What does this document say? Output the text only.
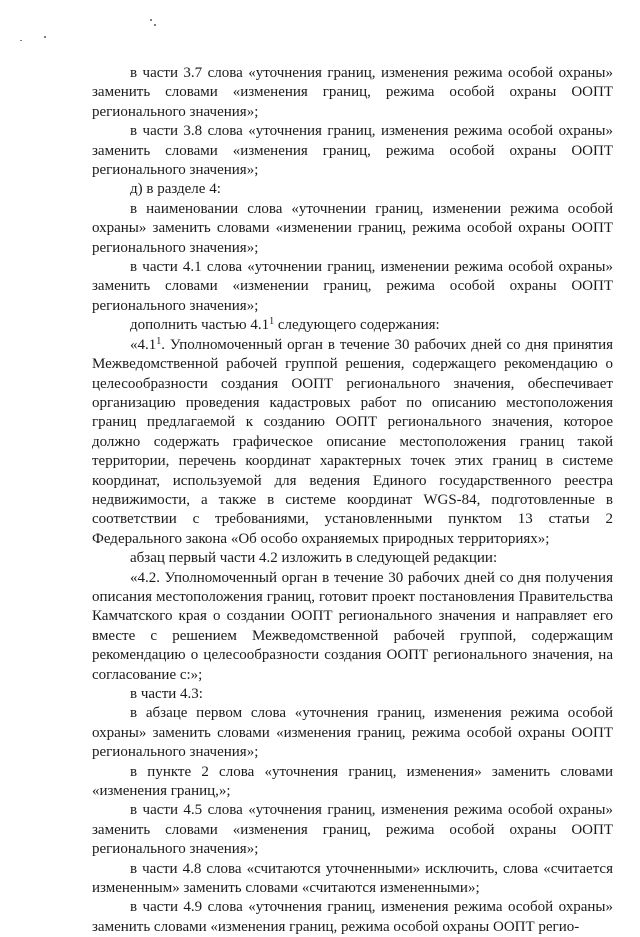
в части 3.7 слова «уточнения границ, изменения режима особой охраны» заменить словами «изменения границ, режима особой охраны ООПТ регионального значения»;

в части 3.8 слова «уточнения границ, изменения режима особой охраны» заменить словами «изменения границ, режима особой охраны ООПТ регионального значения»;

д) в разделе 4:

в наименовании слова «уточнении границ, изменении режима особой охраны» заменить словами «изменении границ, режима особой охраны ООПТ регионального значения»;

в части 4.1 слова «уточнении границ, изменении режима особой охраны» заменить словами «изменении границ, режима особой охраны ООПТ регионального значения»;

дополнить частью $4.1^1$ следующего содержания:

«$4.1^1$. Уполномоченный орган в течение 30 рабочих дней со дня принятия Межведомственной рабочей группой решения, содержащего рекомендацию о целесообразности создания ООПТ регионального значения, обеспечивает организацию проведения кадастровых работ по описанию местоположения границ предлагаемой к созданию ООПТ регионального значения, которое должно содержать графическое описание местоположения границ такой территории, перечень координат характерных точек этих границ в системе координат, используемой для ведения Единого государственного реестра недвижимости, а также в системе координат WGS-84, подготовленные в соответствии с требованиями, установленными пунктом 13 статьи 2 Федерального закона «Об особо охраняемых природных территориях»;

абзац первый части 4.2 изложить в следующей редакции:

«4.2. Уполномоченный орган в течение 30 рабочих дней со дня получения описания местоположения границ, готовит проект постановления Правительства Камчатского края о создании ООПТ регионального значения и направляет его вместе с решением Межведомственной рабочей группой, содержащим рекомендацию о целесообразности создания ООПТ регионального значения, на согласование с:»;

в части 4.3:

в абзаце первом слова «уточнения границ, изменения режима особой охраны» заменить словами «изменения границ, режима особой охраны ООПТ регионального значения»;

в пункте 2 слова «уточнения границ, изменения» заменить словами «изменения границ,»;

в части 4.5 слова «уточнения границ, изменения режима особой охраны» заменить словами «изменения границ, режима особой охраны ООПТ регионального значения»;

в части 4.8 слова «считаются уточненными» исключить, слова «считается измененным» заменить словами «считаются измененными»;

в части 4.9 слова «уточнения границ, изменения режима особой охраны» заменить словами «изменения границ, режима особой охраны ООПТ регио-
